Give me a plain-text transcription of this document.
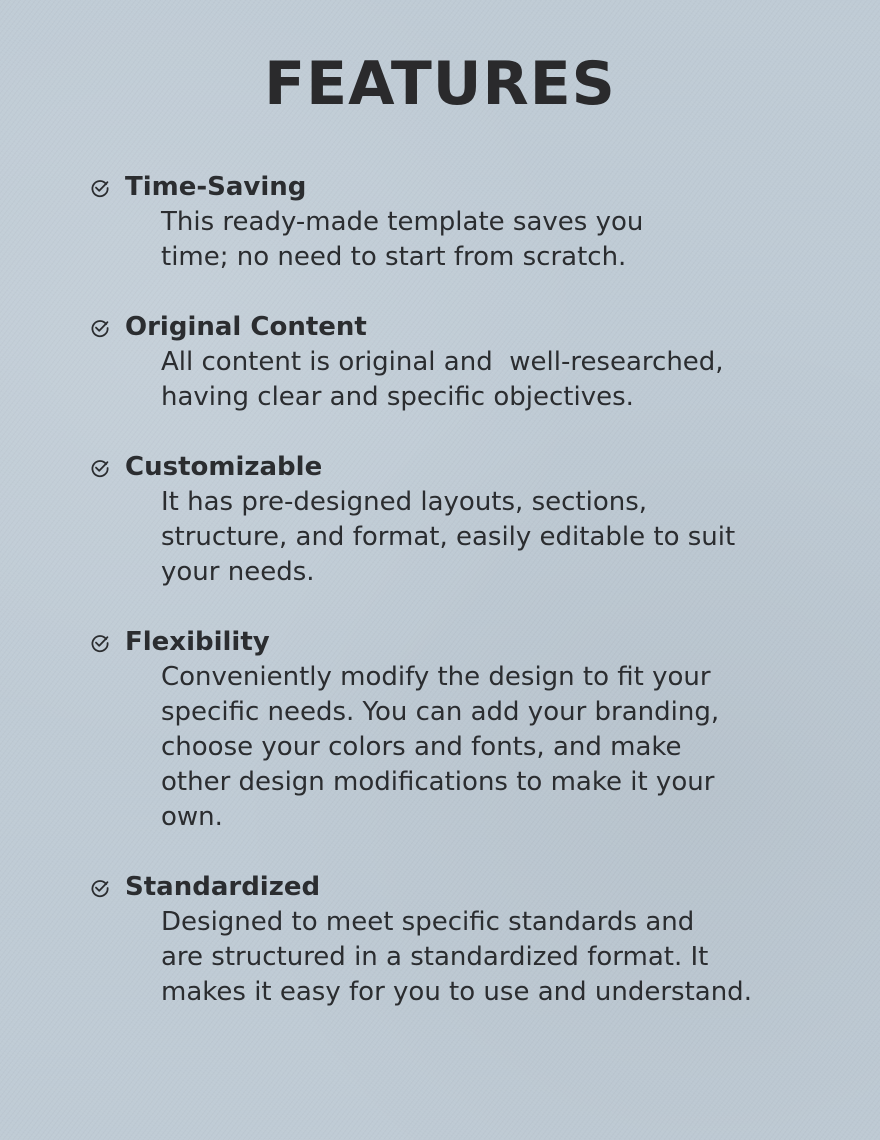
FEATURES
Time-Saving
This ready-made template saves you
time; no need to start from scratch.
Original Content
All content is original and  well-researched,
having clear and specific objectives.
Customizable
It has pre-designed layouts, sections,
structure, and format, easily editable to suit
your needs.
Flexibility
Conveniently modify the design to fit your
specific needs. You can add your branding,
choose your colors and fonts, and make
other design modifications to make it your
own.
Standardized
Designed to meet specific standards and
are structured in a standardized format. It
makes it easy for you to use and understand.
